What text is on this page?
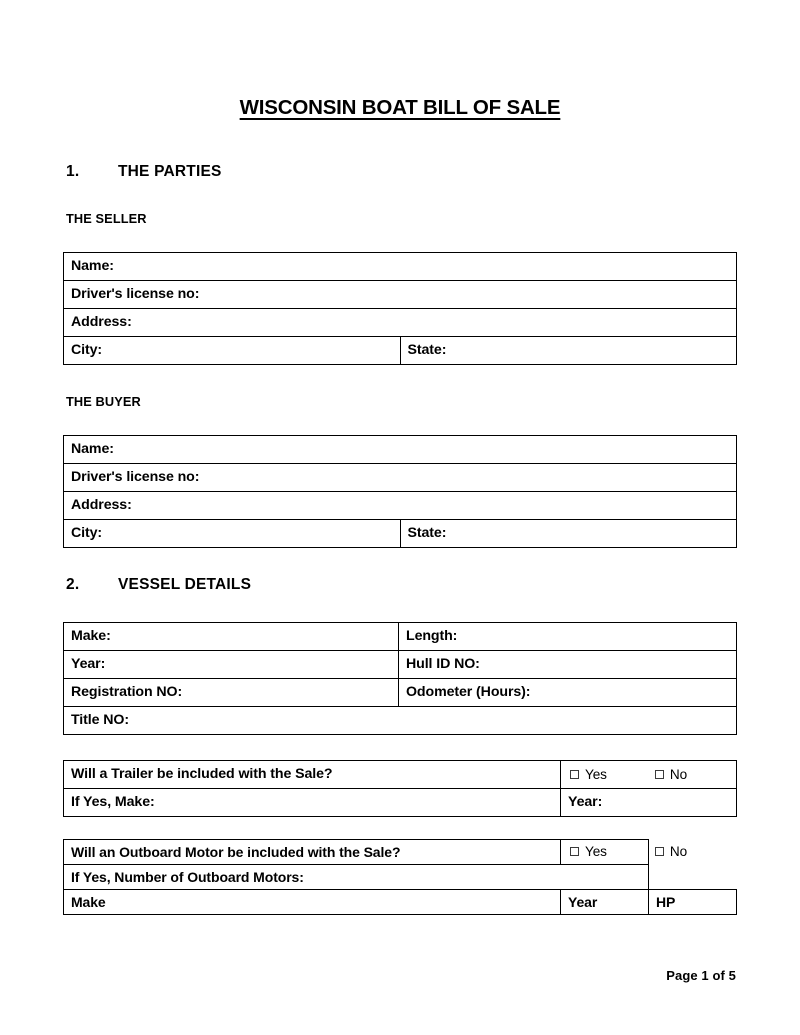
WISCONSIN BOAT BILL OF SALE
1. THE PARTIES
THE SELLER
Name:
Driver's license no:
Address:
City:	State:
THE BUYER
Name:
Driver's license no:
Address:
City:	State:
2. VESSEL DETAILS
Make:	Length:
Year:	Hull ID NO:
Registration NO:	Odometer (Hours):
Title NO:	
Will a Trailer be included with the Sale?	Yes No
If Yes, Make:	Year:
Will an Outboard Motor be included with the Sale?	Yes No	
If Yes, Number of Outboard Motors:		
Make	Year	HP
Page 1 of 5
